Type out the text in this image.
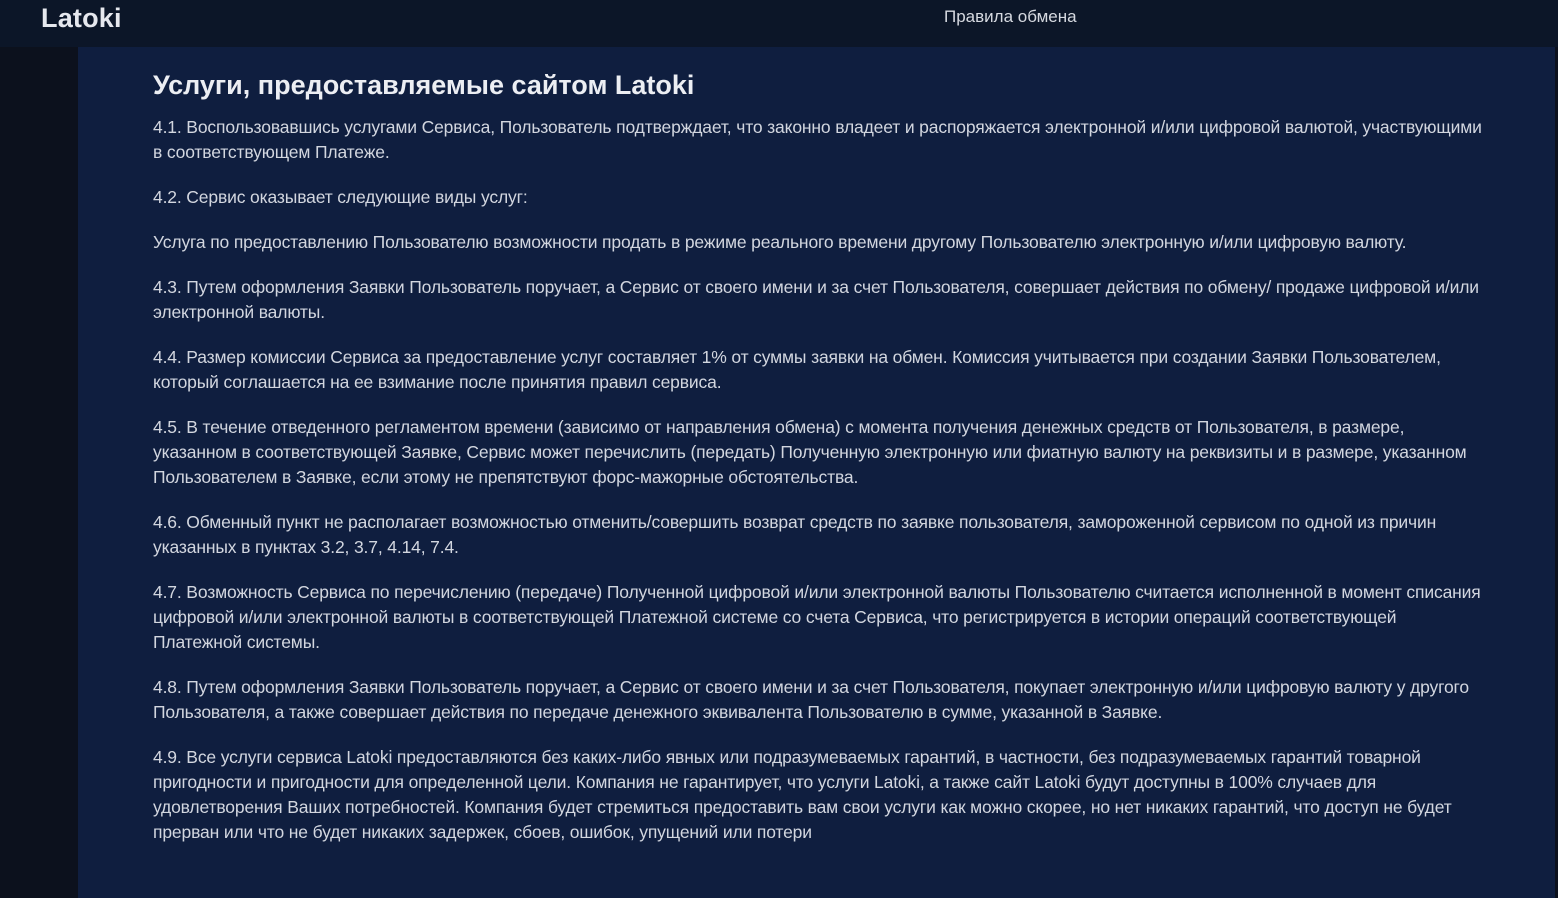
Latoki	Правила обмена
Услуги, предоставляемые сайтом Latoki

4.1. Воспользовавшись услугами Сервиса, Пользователь подтверждает, что законно владеет и распоряжается электронной и/или цифровой валютой, участвующими в соответствующем Платеже.

4.2. Сервис оказывает следующие виды услуг:

Услуга по предоставлению Пользователю возможности продать в режиме реального времени другому Пользователю электронную и/или цифровую валюту.

4.3. Путем оформления Заявки Пользователь поручает, а Сервис от своего имени и за счет Пользователя, совершает действия по обмену/ продаже цифровой и/или электронной валюты.

4.4. Размер комиссии Сервиса за предоставление услуг составляет 1% от суммы заявки на обмен. Комиссия учитывается при создании Заявки Пользователем, который соглашается на ее взимание после принятия правил сервиса.

4.5. В течение отведенного регламентом времени (зависимо от направления обмена) с момента получения денежных средств от Пользователя, в размере, указанном в соответствующей Заявке, Сервис может перечислить (передать) Полученную электронную или фиатную валюту на реквизиты и в размере, указанном Пользователем в Заявке, если этому не препятствуют форс-мажорные обстоятельства.

4.6. Обменный пункт не располагает возможностью отменить/совершить возврат средств по заявке пользователя, замороженной сервисом по одной из причин указанных в пунктах 3.2, 3.7, 4.14, 7.4.

4.7. Возможность Сервиса по перечислению (передаче) Полученной цифровой и/или электронной валюты Пользователю считается исполненной в момент списания цифровой и/или электронной валюты в соответствующей Платежной системе со счета Сервиса, что регистрируется в истории операций соответствующей Платежной системы.

4.8. Путем оформления Заявки Пользователь поручает, а Сервис от своего имени и за счет Пользователя, покупает электронную и/или цифровую валюту у другого Пользователя, а также совершает действия по передаче денежного эквивалента Пользователю в сумме, указанной в Заявке.

4.9. Все услуги сервиса Latoki предоставляются без каких-либо явных или подразумеваемых гарантий, в частности, без подразумеваемых гарантий товарной пригодности и пригодности для определенной цели. Компания не гарантирует, что услуги Latoki, а также сайт Latoki будут доступны в 100% случаев для удовлетворения Ваших потребностей. Компания будет стремиться предоставить вам свои услуги как можно скорее, но нет никаких гарантий, что доступ не будет прерван или что не будет никаких задержек, сбоев, ошибок, упущений или потери
